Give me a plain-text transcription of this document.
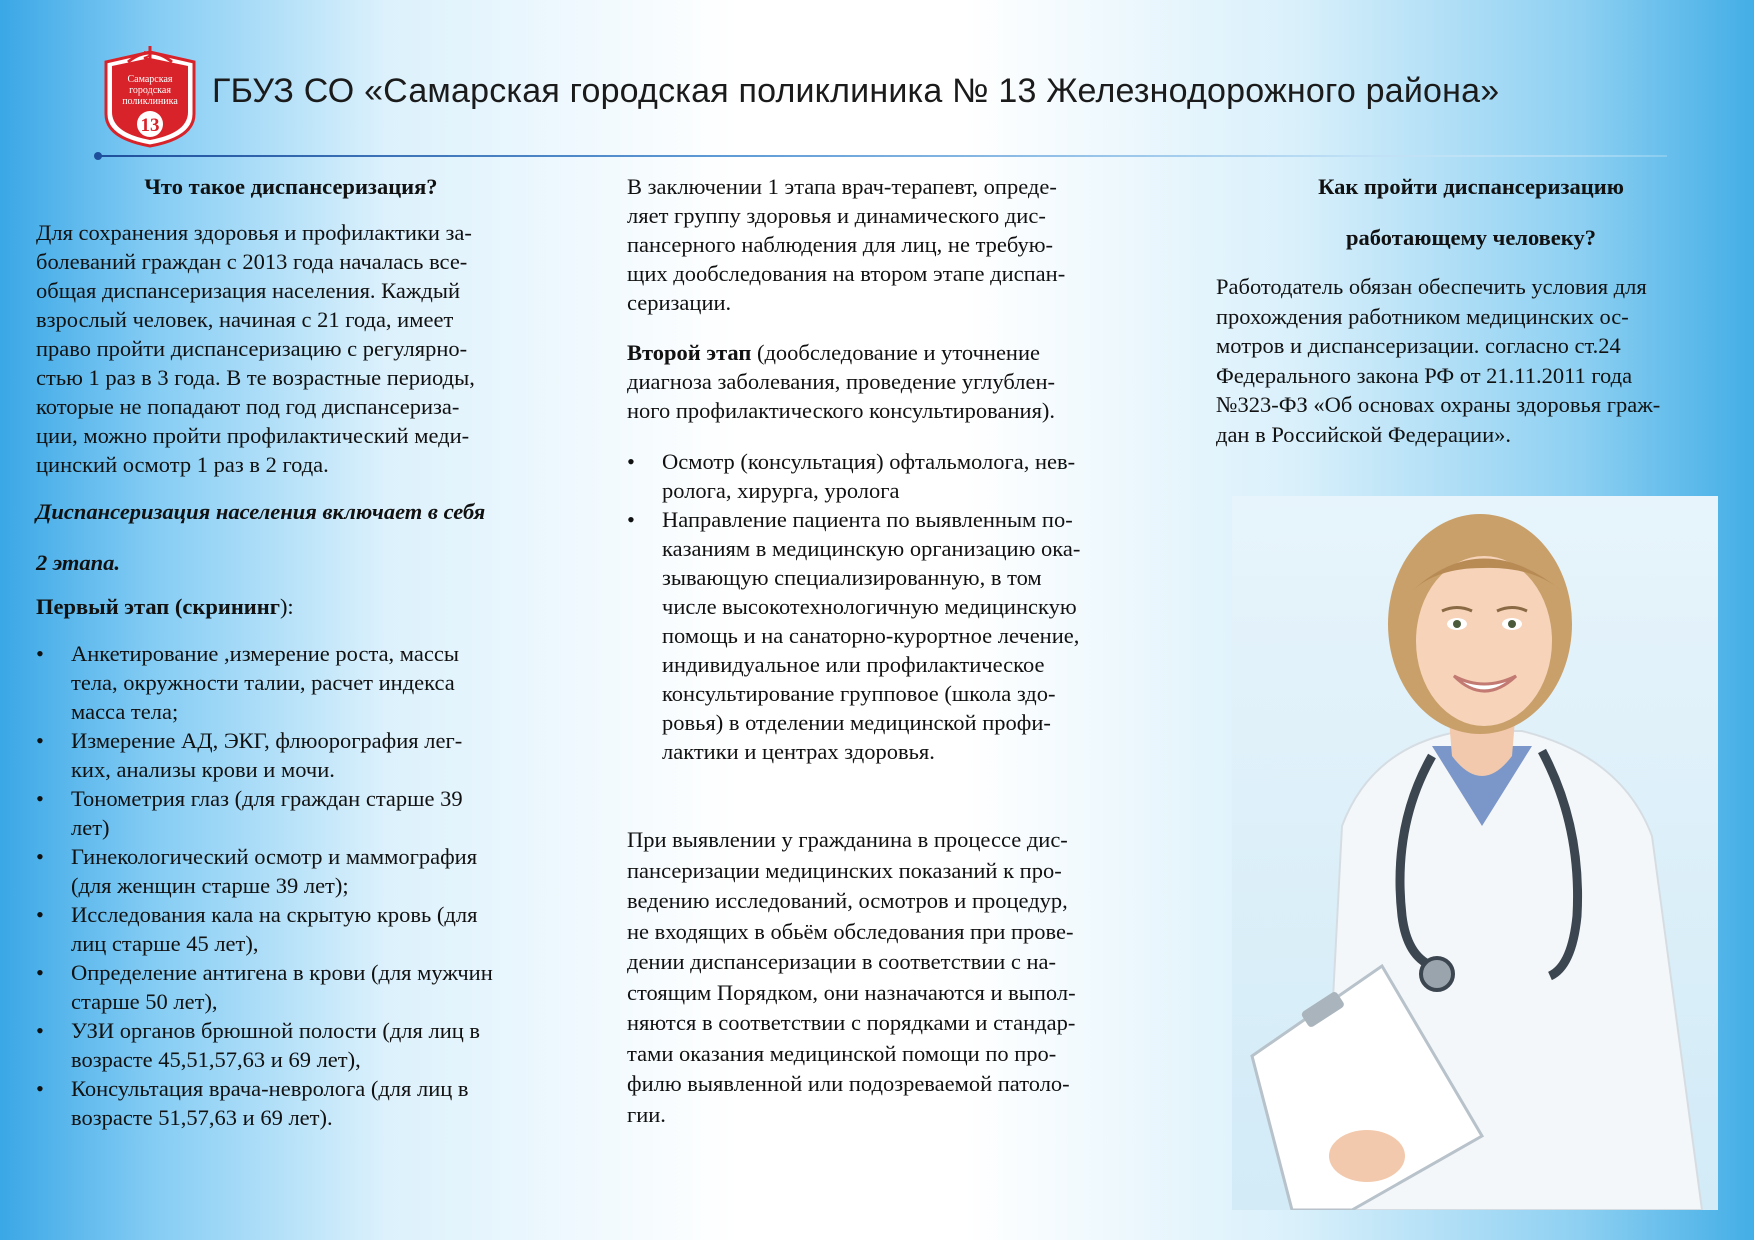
Самарская
городская
поликлиника
13
ГБУЗ СО «Самарская городская поликлиника № 13 Железнодорожного района»

Что такое диспансеризация?

Для сохранения здоровья и профилактики за-
болеваний граждан с 2013 года началась все-
общая диспансеризация населения. Каждый
взрослый человек, начиная с 21 года, имеет
право пройти диспансеризацию с регулярно-
стью 1 раз в 3 года. В те возрастные периоды,
которые не попадают под год диспансеризa-
ции, можно пройти профилактический меди-
цинский осмотр 1 раз в 2 года.

Диспансеризация населения включает в себя

2 этапа.

Первый этап (скрининг):

• Анкетирование ,измерение роста, массы
тела, окружности талии, расчет индекса
масса тела;
• Измерение АД, ЭКГ, флюорография лег-
ких, анализы крови и мочи.
• Тонометрия глаз (для граждан старше 39
лет)
• Гинекологический осмотр и маммография
(для женщин старше 39 лет);
• Исследования кала на скрытую кровь (для
лиц старше 45 лет),
• Определение антигена в крови (для мужчин
старше 50 лет),
• УЗИ органов брюшной полости (для лиц в
возрасте 45,51,57,63 и 69 лет),
• Консультация врача-невролога (для лиц в
возрасте 51,57,63 и 69 лет).
В заключении 1 этапа врач-терапевт, опреде-
ляет группу здоровья и динамического дис-
пансерного наблюдения для лиц, не требую-
щих дообследования на втором этапе диспан-
серизации.
Второй этап (дообследование и уточнение
диагноза заболевания, проведение углублен-
ного профилактического консультирования).
• Осмотр (консультация) офтальмолога, нев-
ролога, хирурга, уролога
• Направление пациента по выявленным по-
казаниям в медицинскую организацию ока-
зывающую специализированную, в том
числе высокотехнологичную медицинскую
помощь и на санаторно-курортное лечение,
индивидуальное или профилактическое
консультирование групповое (школа здо-
ровья) в отделении медицинской профи-
лактики и центрах здоровья.
При выявлении у гражданина в процессе дис-
пансеризации медицинских показаний к про-
ведению исследований, осмотров и процедур,
не входящих в обьём обследования при прове-
дении диспансеризации в соответствии с на-
стоящим Порядком, они назначаются и выпол-
няются в соответствии с порядками и стандар-
тами оказания медицинской помощи по про-
филю выявленной или подозреваемой патоло-
гии.

Как пройти диспансеризацию

работающему человеку?

Работодатель обязан обеспечить условия для
прохождения работником медицинских ос-
мотров и диспансеризации. согласно ст.24
Федерального закона РФ от 21.11.2011 года
№323-ФЗ «Об основах охраны здоровья граж-
дан в Российской Федерации».
